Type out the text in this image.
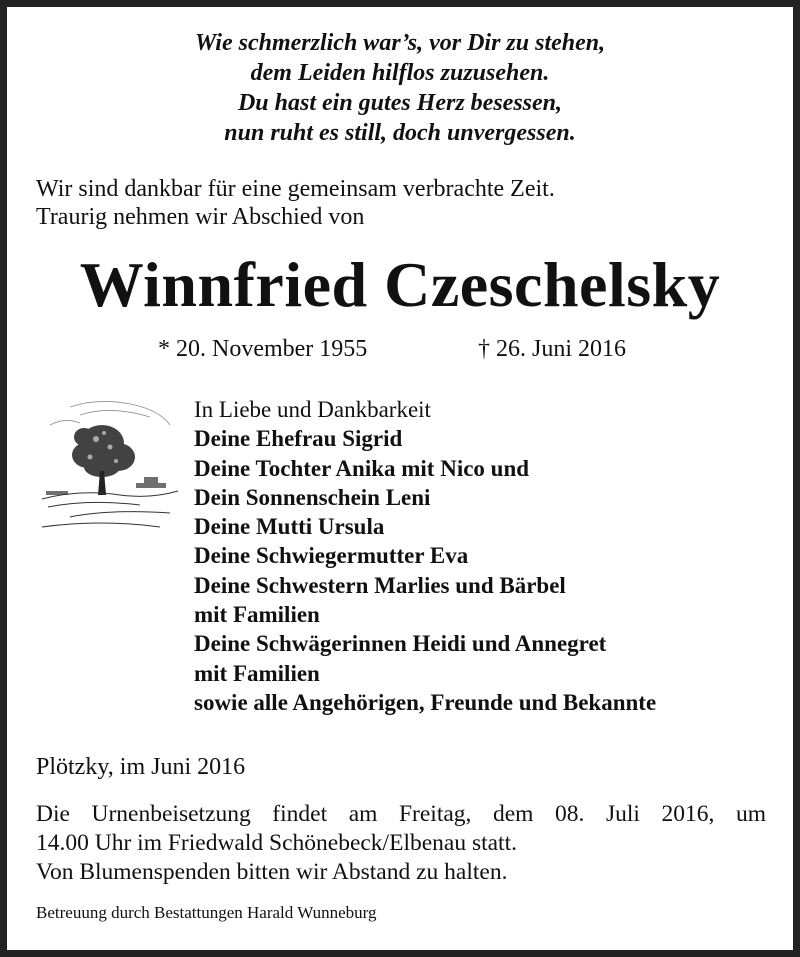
Wie schmerzlich war’s, vor Dir zu stehen,
dem Leiden hilflos zuzusehen.
Du hast ein gutes Herz besessen,
nun ruht es still, doch unvergessen.
Wir sind dankbar für eine gemeinsam verbrachte Zeit.
Traurig nehmen wir Abschied von
Winnfried Czeschelsky
* 20. November 1955	† 26. Juni 2016
In Liebe und Dankbarkeit
Deine Ehefrau Sigrid
Deine Tochter Anika mit Nico und
Dein Sonnenschein Leni
Deine Mutti Ursula
Deine Schwiegermutter Eva
Deine Schwestern Marlies und Bärbel
mit Familien
Deine Schwägerinnen Heidi und Annegret
mit Familien
sowie alle Angehörigen, Freunde und Bekannte
Plötzky, im Juni 2016
Die Urnenbeisetzung findet am Freitag, dem 08. Juli 2016, um
14.00 Uhr im Friedwald Schönebeck/Elbenau statt.
Von Blumenspenden bitten wir Abstand zu halten.
Betreuung durch Bestattungen Harald Wunneburg
